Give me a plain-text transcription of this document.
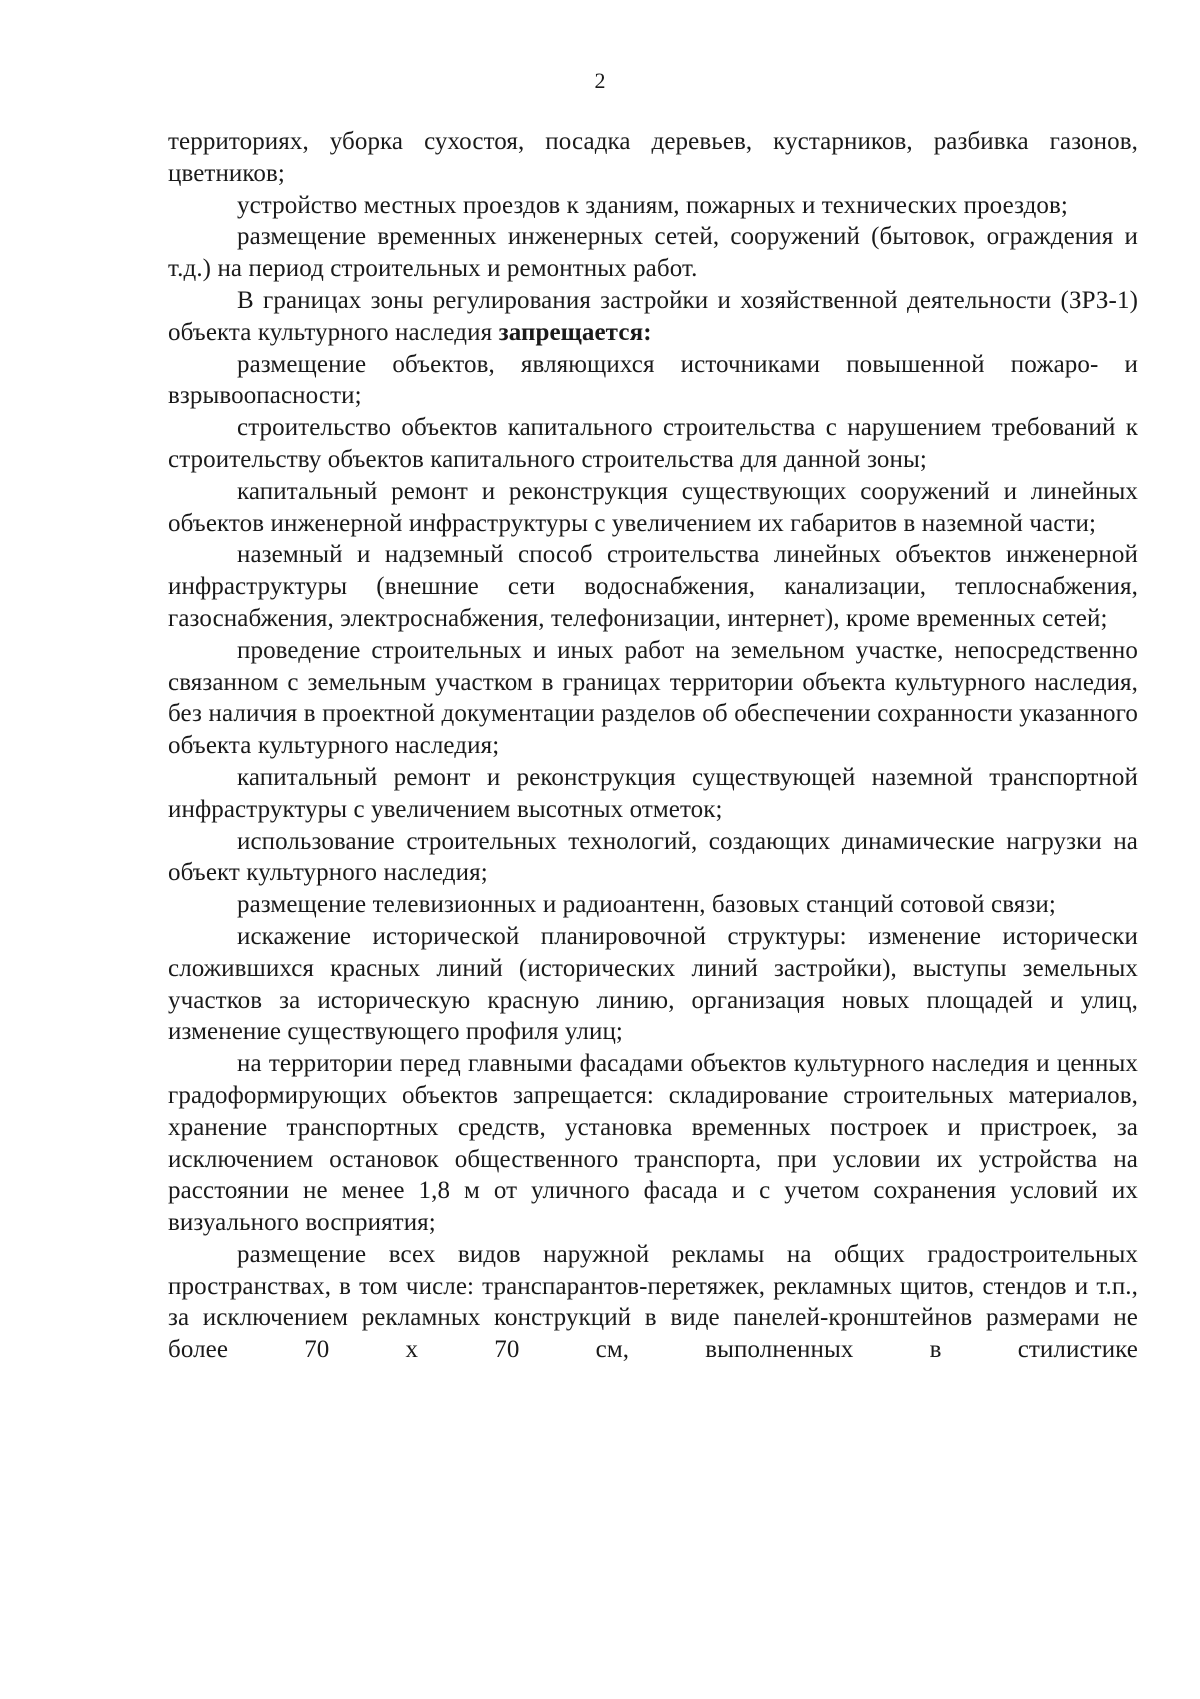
2

территориях, уборка сухостоя, посадка деревьев, кустарников, разбивка газонов, цветников;

устройство местных проездов к зданиям, пожарных и технических проездов;

размещение временных инженерных сетей, сооружений (бытовок, ограждения и т.д.) на период строительных и ремонтных работ.

В границах зоны регулирования застройки и хозяйственной деятельности (ЗРЗ-1) объекта культурного наследия запрещается:

размещение объектов, являющихся источниками повышенной пожаро- и взрывоопасности;

строительство объектов капитального строительства с нарушением требований к строительству объектов капитального строительства для данной зоны;

капитальный ремонт и реконструкция существующих сооружений и линейных объектов инженерной инфраструктуры с увеличением их габаритов в наземной части;

наземный и надземный способ строительства линейных объектов инженерной инфраструктуры (внешние сети водоснабжения, канализации, теплоснабжения, газоснабжения, электроснабжения, телефонизации, интернет), кроме временных сетей;

проведение строительных и иных работ на земельном участке, непосредственно связанном с земельным участком в границах территории объекта культурного наследия, без наличия в проектной документации разделов об обеспечении сохранности указанного объекта культурного наследия;

капитальный ремонт и реконструкция существующей наземной транспортной инфраструктуры с увеличением высотных отметок;

использование строительных технологий, создающих динамические нагрузки на объект культурного наследия;

размещение телевизионных и радиоантенн, базовых станций сотовой связи;

искажение исторической планировочной структуры: изменение исторически сложившихся красных линий (исторических линий застройки), выступы земельных участков за историческую красную линию, организация новых площадей и улиц, изменение существующего профиля улиц;

на территории перед главными фасадами объектов культурного наследия и ценных градоформирующих объектов запрещается: складирование строительных материалов, хранение транспортных средств, установка временных построек и пристроек, за исключением остановок общественного транспорта, при условии их устройства на расстоянии не менее 1,8 м от уличного фасада и с учетом сохранения условий их визуального восприятия;

размещение всех видов наружной рекламы на общих градостроительных пространствах, в том числе: транспарантов-перетяжек, рекламных щитов, стендов и т.п., за исключением рекламных конструкций в виде панелей-кронштейнов размерами не более 70 х 70 см, выполненных в стилистике
